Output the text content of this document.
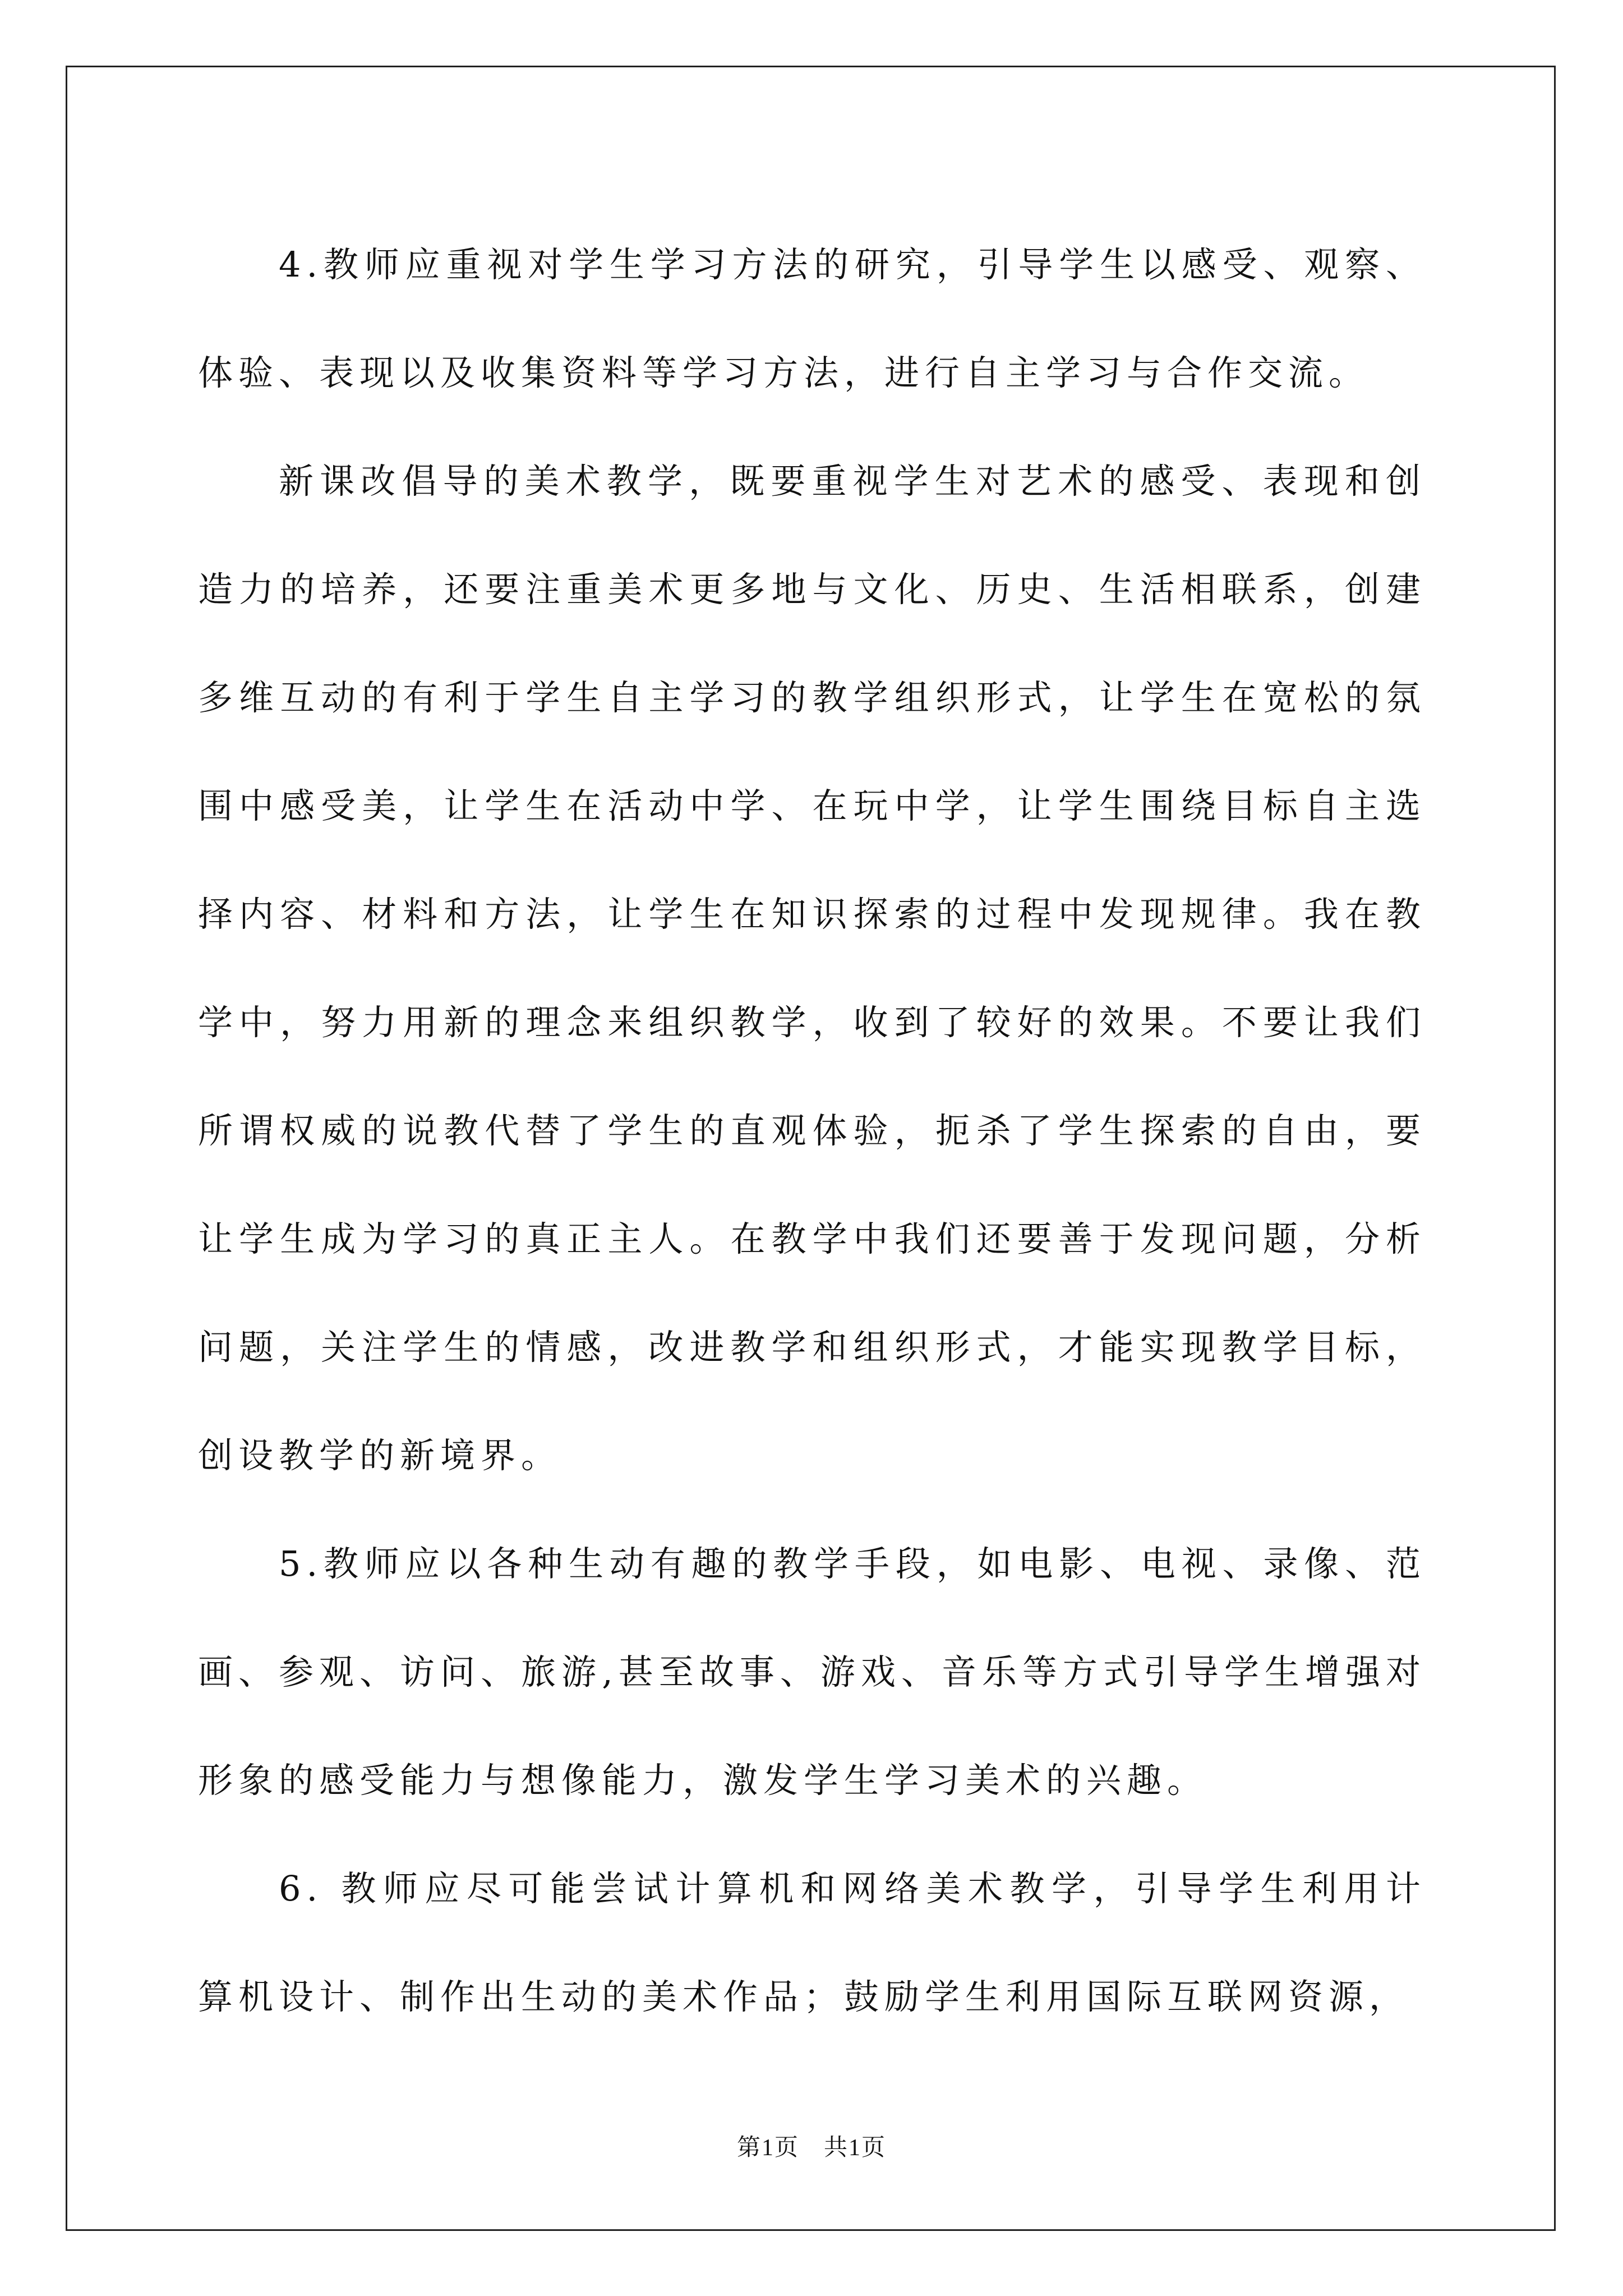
4.教师应重视对学生学习方法的研究，引导学生以感受、观察、体验、表现以及收集资料等学习方法，进行自主学习与合作交流。

新课改倡导的美术教学，既要重视学生对艺术的感受、表现和创造力的培养，还要注重美术更多地与文化、历史、生活相联系，创建多维互动的有利于学生自主学习的教学组织形式，让学生在宽松的氛围中感受美，让学生在活动中学、在玩中学，让学生围绕目标自主选择内容、材料和方法，让学生在知识探索的过程中发现规律。我在教学中，努力用新的理念来组织教学，收到了较好的效果。不要让我们所谓权威的说教代替了学生的直观体验，扼杀了学生探索的自由，要让学生成为学习的真正主人。在教学中我们还要善于发现问题，分析问题，关注学生的情感，改进教学和组织形式，才能实现教学目标，创设教学的新境界。

5.教师应以各种生动有趣的教学手段，如电影、电视、录像、范画、参观、访问、旅游,甚至故事、游戏、音乐等方式引导学生增强对形象的感受能力与想像能力，激发学生学习美术的兴趣。

6. 教师应尽可能尝试计算机和网络美术教学，引导学生利用计算机设计、制作出生动的美术作品；鼓励学生利用国际互联网资源，

第1页　共1页
